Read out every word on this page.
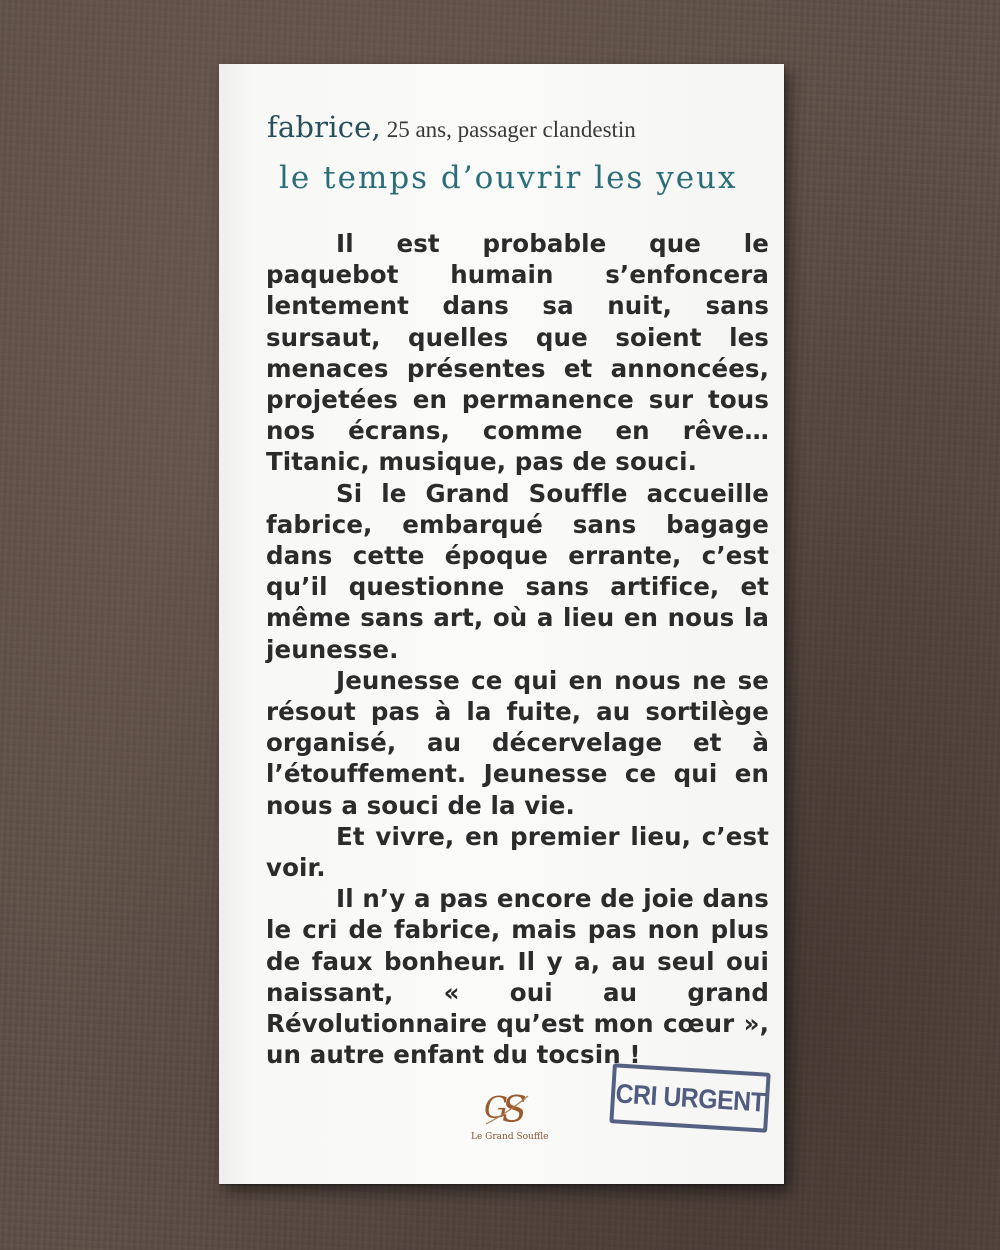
fabrice, 25 ans, passager clandestin
le temps d’ouvrir les yeux

Il est probable que le paquebot humain s’enfoncera lentement dans sa nuit, sans sursaut, quelles que soient les menaces présentes et annoncées, projetées en permanence sur tous nos écrans, comme en rêve… Titanic, musique, pas de souci.

Si le Grand Souffle accueille fabrice, embarqué sans bagage dans cette époque errante, c’est qu’il questionne sans artifice, et même sans art, où a lieu en nous la jeunesse.

Jeunesse ce qui en nous ne se résout pas à la fuite, au sortilège organisé, au décervelage et à l’étouffement. Jeunesse ce qui en nous a souci de la vie.

Et vivre, en premier lieu, c’est voir.

Il n’y a pas encore de joie dans le cri de fabrice, mais pas non plus de faux bonheur. Il y a, au seul oui naissant, « oui au grand Révolutionnaire qu’est mon cœur », un autre enfant du tocsin !

G
S
Le Grand Souffle
CRI URGENT
